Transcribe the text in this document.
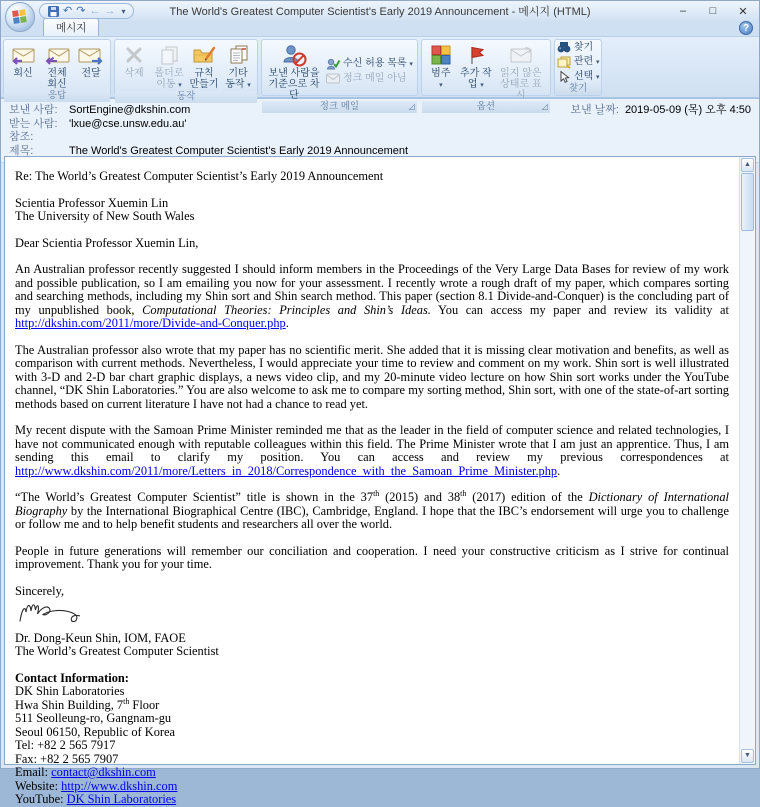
The World's Greatest Computer Scientist's Early 2019 Announcement - 메시지 (HTML)	–	□	✕
↶ ↷ ← → ▾
메시지	?
회신	전체 회신
전달
응답
삭제 폴더로 이동 ▾
규칙 만들기
기타 동작 ▾
동작
보낸 사람을 기준으로 차단
수신 허용 목록 ▾
정크 메일 아님
정크 메일	◿
범주
▾
추가 작업 ▾
읽지 않은 상태로 표시
옵션	◿
찾기
관련 ▾
선택 ▾
찾기
보낸 사람:	SortEngine@dkshin.com	보낸 날짜: 2019-05-09 (목) 오후 4:50
받는 사람:	'lxue@cse.unsw.edu.au'
참조:
제목:	The World's Greatest Computer Scientist's Early 2019 Announcement
Re: The World’s Greatest Computer Scientist’s Early 2019 Announcement
Scientia Professor Xuemin Lin
The University of New South Wales
Dear Scientia Professor Xuemin Lin,
An Australian professor recently suggested I should inform members in the Proceedings of the Very Large Data Bases for review of my work and possible publication, so I am emailing you now for your assessment. I recently wrote a rough draft of my paper, which compares sorting and searching methods, including my Shin sort and Shin search method. This paper (section 8.1 Divide-and-Conquer) is the concluding part of my unpublished book, Computational Theories: Principles and Shin’s Ideas. You can access my paper and review its validity at http://dkshin.com/2011/more/Divide-and-Conquer.php.
The Australian professor also wrote that my paper has no scientific merit. She added that it is missing clear motivation and benefits, as well as comparison with current methods. Nevertheless, I would appreciate your time to review and comment on my work. Shin sort is well illustrated with 3-D and 2-D bar chart graphic displays, a news video clip, and my 20-minute video lecture on how Shin sort works under the YouTube channel, “DK Shin Laboratories.” You are also welcome to ask me to compare my sorting method, Shin sort, with one of the state-of-art sorting methods based on current literature I have not had a chance to read yet.
My recent dispute with the Samoan Prime Minister reminded me that as the leader in the field of computer science and related technologies, I have not communicated enough with reputable colleagues within this field. The Prime Minister wrote that I am just an apprentice. Thus, I am sending this email to clarify my position. You can access and review my previous correspondences at http://www.dkshin.com/2011/more/Letters_in_2018/Correspondence_with_the_Samoan_Prime_Minister.php.
“The World’s Greatest Computer Scientist” title is shown in the 37th (2015) and 38th (2017) edition of the Dictionary of International Biography by the International Biographical Centre (IBC), Cambridge, England. I hope that the IBC’s endorsement will urge you to challenge or follow me and to help benefit students and researchers all over the world.
People in future generations will remember our conciliation and cooperation. I need your constructive criticism as I strive for continual improvement. Thank you for your time.
Sincerely,
Dr. Dong-Keun Shin, IOM, FAOE
The World’s Greatest Computer Scientist
Contact Information:
DK Shin Laboratories
Hwa Shin Building, 7th Floor
511 Seolleung-ro, Gangnam-gu
Seoul 06150, Republic of Korea
Tel: +82 2 565 7917
Fax: +82 2 565 7907
Email: contact@dkshin.com
Website: http://www.dkshin.com
YouTube: DK Shin Laboratories
▲
▼
